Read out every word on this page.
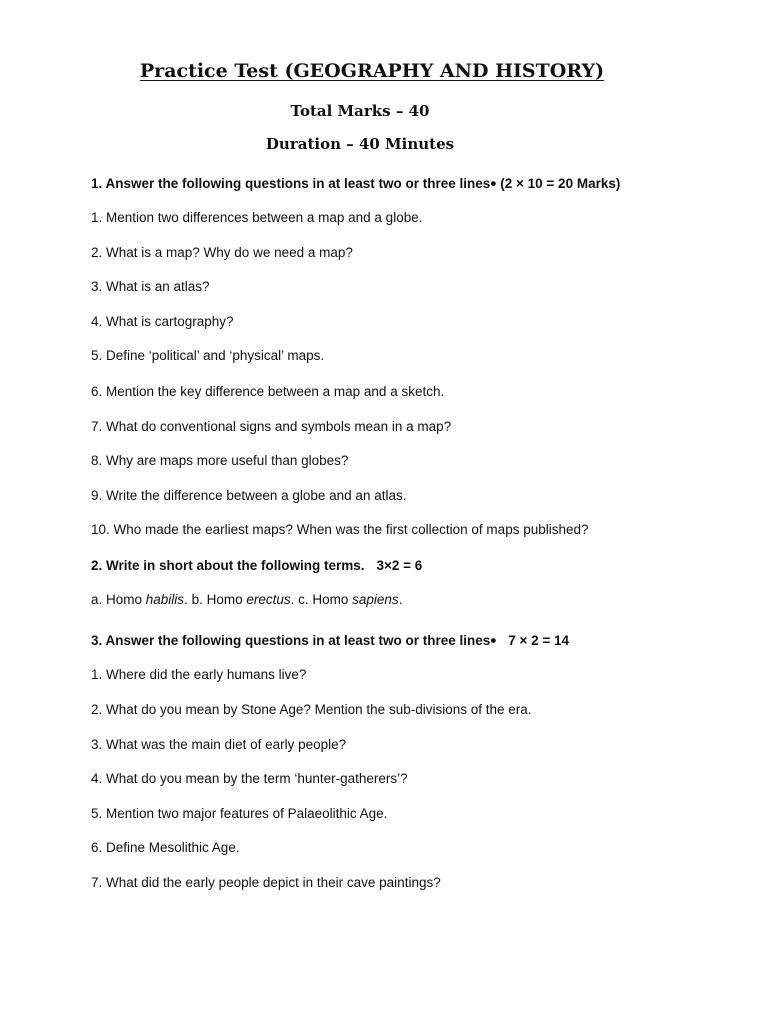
Practice Test (GEOGRAPHY AND HISTORY)
Total Marks – 40
Duration – 40 Minutes
1. Answer the following questions in at least two or three lines• (2 × 10 = 20 Marks)
1. Mention two differences between a map and a globe.
2. What is a map? Why do we need a map?
3. What is an atlas?
4. What is cartography?
5. Define ‘political’ and ‘physical’ maps.
6. Mention the key difference between a map and a sketch.
7. What do conventional signs and symbols mean in a map?
8. Why are maps more useful than globes?
9. Write the difference between a globe and an atlas.
10. Who made the earliest maps? When was the first collection of maps published?
2. Write in short about the following terms. 3×2 = 6
a. Homo habilis. b. Homo erectus. c. Homo sapiens.
3. Answer the following questions in at least two or three lines• 7 × 2 = 14
1. Where did the early humans live?
2. What do you mean by Stone Age? Mention the sub-divisions of the era.
3. What was the main diet of early people?
4. What do you mean by the term ‘hunter-gatherers’?
5. Mention two major features of Palaeolithic Age.
6. Define Mesolithic Age.
7. What did the early people depict in their cave paintings?
